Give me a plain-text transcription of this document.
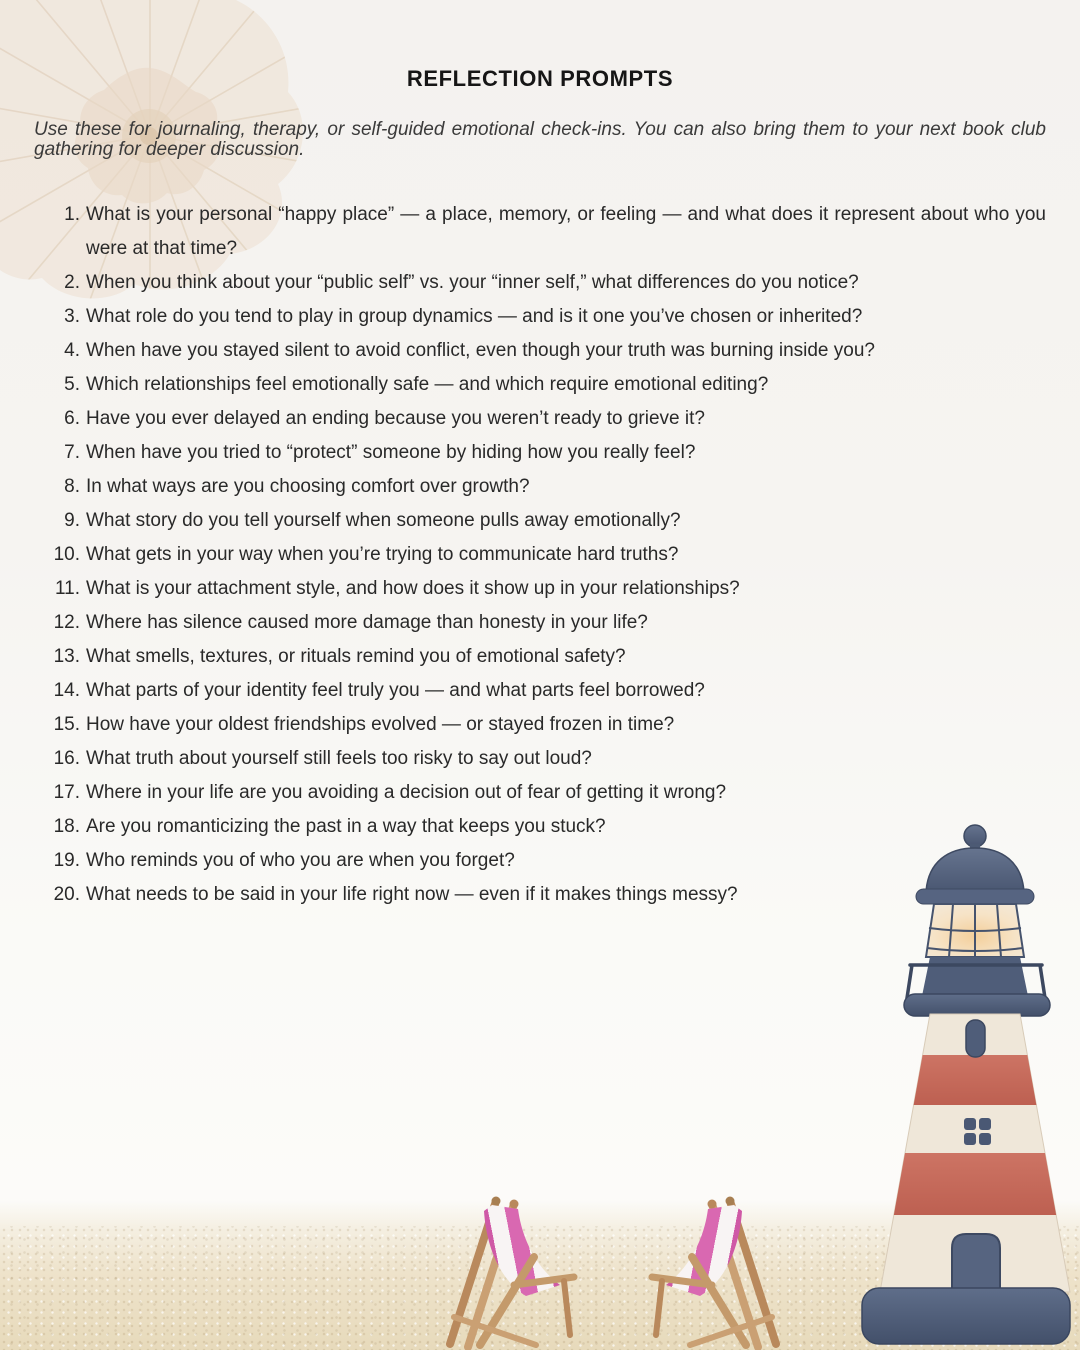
REFLECTION PROMPTS

Use these for journaling, therapy, or self-guided emotional check-ins. You can also bring them to your next book club gathering for deeper discussion.

What is your personal “happy place” — a place, memory, or feeling — and what does it represent about who you were at that time?
When you think about your “public self” vs. your “inner self,” what differences do you notice?
What role do you tend to play in group dynamics — and is it one you’ve chosen or inherited?
When have you stayed silent to avoid conflict, even though your truth was burning inside you?
Which relationships feel emotionally safe — and which require emotional editing?
Have you ever delayed an ending because you weren’t ready to grieve it?
When have you tried to “protect” someone by hiding how you really feel?
In what ways are you choosing comfort over growth?
What story do you tell yourself when someone pulls away emotionally?
What gets in your way when you’re trying to communicate hard truths?
What is your attachment style, and how does it show up in your relationships?
Where has silence caused more damage than honesty in your life?
What smells, textures, or rituals remind you of emotional safety?
What parts of your identity feel truly you — and what parts feel borrowed?
How have your oldest friendships evolved — or stayed frozen in time?
What truth about yourself still feels too risky to say out loud?
Where in your life are you avoiding a decision out of fear of getting it wrong?
Are you romanticizing the past in a way that keeps you stuck?
Who reminds you of who you are when you forget?
What needs to be said in your life right now — even if it makes things messy?
